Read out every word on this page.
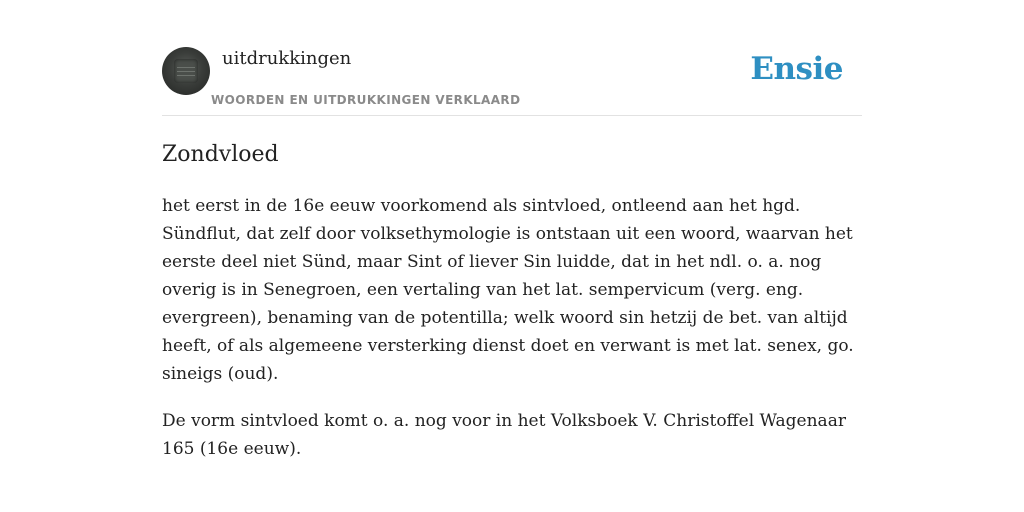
uitdrukkingen
WOORDEN EN UITDRUKKINGEN VERKLAARD
Ensie
Zondvloed

het eerst in de 16e eeuw voorkomend als sintvloed, ontleend aan het hgd. Sündflut, dat zelf door volksethymologie is ontstaan uit een woord, waarvan het eerste deel niet Sünd, maar Sint of liever Sin luidde, dat in het ndl. o. a. nog overig is in Senegroen, een vertaling van het lat. sempervicum (verg. eng. evergreen), benaming van de potentilla; welk woord sin hetzij de bet. van altijd heeft, of als algemeene versterking dienst doet en verwant is met lat. senex, go. sineigs (oud).

De vorm sintvloed komt o. a. nog voor in het Volksboek V. Christoffel Wagenaar 165 (16e eeuw).
